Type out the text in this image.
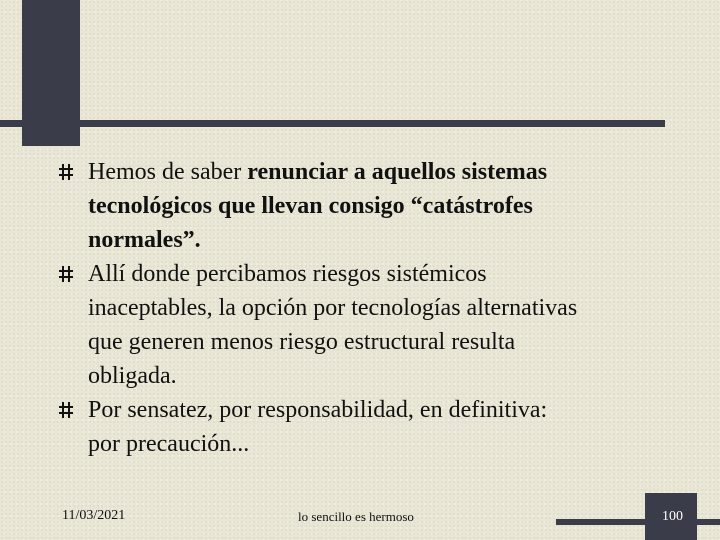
Hemos de saber renunciar a aquellos sistemas
tecnológicos que llevan consigo “catástrofes
normales”.
Allí donde percibamos riesgos sistémicos
inaceptables, la opción por tecnologías alternativas
que generen menos riesgo estructural resulta
obligada.
Por sensatez, por responsabilidad, en definitiva:
por precaución...
11/03/2021	lo sencillo es hermoso	100
